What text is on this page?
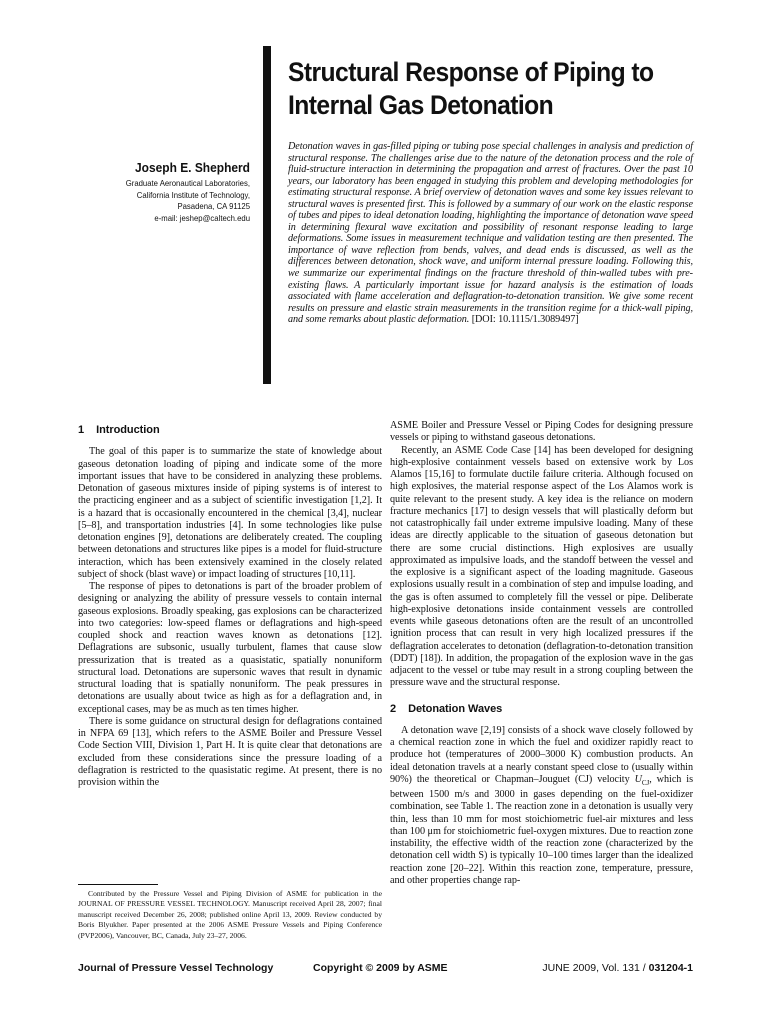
Structural Response of Piping to Internal Gas Detonation
Joseph E. Shepherd
Graduate Aeronautical Laboratories,
California Institute of Technology,
Pasadena, CA 91125
e-mail: jeshep@caltech.edu

Detonation waves in gas-filled piping or tubing pose special challenges in analysis and prediction of structural response. The challenges arise due to the nature of the detonation process and the role of fluid-structure interaction in determining the propagation and arrest of fractures. Over the past 10 years, our laboratory has been engaged in studying this problem and developing methodologies for estimating structural response. A brief overview of detonation waves and some key issues relevant to structural waves is presented first. This is followed by a summary of our work on the elastic response of tubes and pipes to ideal detonation loading, highlighting the importance of detonation wave speed in determining flexural wave excitation and possibility of resonant response leading to large deformations. Some issues in measurement technique and validation testing are then presented. The importance of wave reflection from bends, valves, and dead ends is discussed, as well as the differences between detonation, shock wave, and uniform internal pressure loading. Following this, we summarize our experimental findings on the fracture threshold of thin-walled tubes with pre-existing flaws. A particularly important issue for hazard analysis is the estimation of loads associated with flame acceleration and deflagration-to-detonation transition. We give some recent results on pressure and elastic strain measurements in the transition regime for a thick-wall piping, and some remarks about plastic deformation. [DOI: 10.1115/1.3089497]

1 Introduction

The goal of this paper is to summarize the state of knowledge about gaseous detonation loading of piping and indicate some of the more important issues that have to be considered in analyzing these problems. Detonation of gaseous mixtures inside of piping systems is of interest to the practicing engineer and as a subject of scientific investigation [1,2]. It is a hazard that is occasionally encountered in the chemical [3,4], nuclear [5–8], and transportation industries [4]. In some technologies like pulse detonation engines [9], detonations are deliberately created. The coupling between detonations and structures like pipes is a model for fluid-structure interaction, which has been extensively examined in the closely related subject of shock (blast wave) or impact loading of structures [10,11].

The response of pipes to detonations is part of the broader problem of designing or analyzing the ability of pressure vessels to contain internal gaseous explosions. Broadly speaking, gas explosions can be characterized into two categories: low-speed flames or deflagrations and high-speed coupled shock and reaction waves known as detonations [12]. Deflagrations are subsonic, usually turbulent, flames that cause slow pressurization that is treated as a quasistatic, spatially nonuniform structural load. Detonations are supersonic waves that result in dynamic structural loading that is spatially nonuniform. The peak pressures in detonations are usually about twice as high as for a deflagration and, in exceptional cases, may be as much as ten times higher.

There is some guidance on structural design for deflagrations contained in NFPA 69 [13], which refers to the ASME Boiler and Pressure Vessel Code Section VIII, Division 1, Part H. It is quite clear that detonations are excluded from these considerations since the pressure loading of a deflagration is restricted to the quasistatic regime. At present, there is no provision within the

ASME Boiler and Pressure Vessel or Piping Codes for designing pressure vessels or piping to withstand gaseous detonations.

Recently, an ASME Code Case [14] has been developed for designing high-explosive containment vessels based on extensive work by Los Alamos [15,16] to formulate ductile failure criteria. Although focused on high explosives, the material response aspect of the Los Alamos work is quite relevant to the present study. A key idea is the reliance on modern fracture mechanics [17] to design vessels that will plastically deform but not catastrophically fail under extreme impulsive loading. Many of these ideas are directly applicable to the situation of gaseous detonation but there are some crucial distinctions. High explosives are usually approximated as impulsive loads, and the standoff between the vessel and the explosive is a significant aspect of the loading magnitude. Gaseous explosions usually result in a combination of step and impulse loading, and the gas is often assumed to completely fill the vessel or pipe. Deliberate high-explosive detonations inside containment vessels are controlled events while gaseous detonations often are the result of an uncontrolled ignition process that can result in very high localized pressures if the deflagration accelerates to detonation (deflagration-to-detonation transition (DDT) [18]). In addition, the propagation of the explosion wave in the gas adjacent to the vessel or tube may result in a strong coupling between the pressure wave and the structural response.

2 Detonation Waves

A detonation wave [2,19] consists of a shock wave closely followed by a chemical reaction zone in which the fuel and oxidizer rapidly react to produce hot (temperatures of 2000–3000 K) combustion products. An ideal detonation travels at a nearly constant speed close to (usually within 90%) the theoretical or Chapman–Jouguet (CJ) velocity $U_{CJ}$, which is between 1500 m/s and 3000 in gases depending on the fuel-oxidizer combination, see Table 1. The reaction zone in a detonation is usually very thin, less than 10 mm for most stoichiometric fuel-air mixtures and less than 100 μm for stoichiometric fuel-oxygen mixtures. Due to reaction zone instability, the effective width of the reaction zone (characterized by the detonation cell width S) is typically 10–100 times larger than the idealized reaction zone [20–22]. Within this reaction zone, temperature, pressure, and other properties change rap-

Contributed by the Pressure Vessel and Piping Division of ASME for publication in the JOURNAL OF PRESSURE VESSEL TECHNOLOGY. Manuscript received April 28, 2007; final manuscript received December 26, 2008; published online April 13, 2009. Review conducted by Boris Blyukher. Paper presented at the 2006 ASME Pressure Vessels and Piping Conference (PVP2006), Vancouver, BC, Canada, July 23–27, 2006.

Journal of Pressure Vessel Technology	Copyright © 2009 by ASME	JUNE 2009, Vol. 131 / 031204-1
